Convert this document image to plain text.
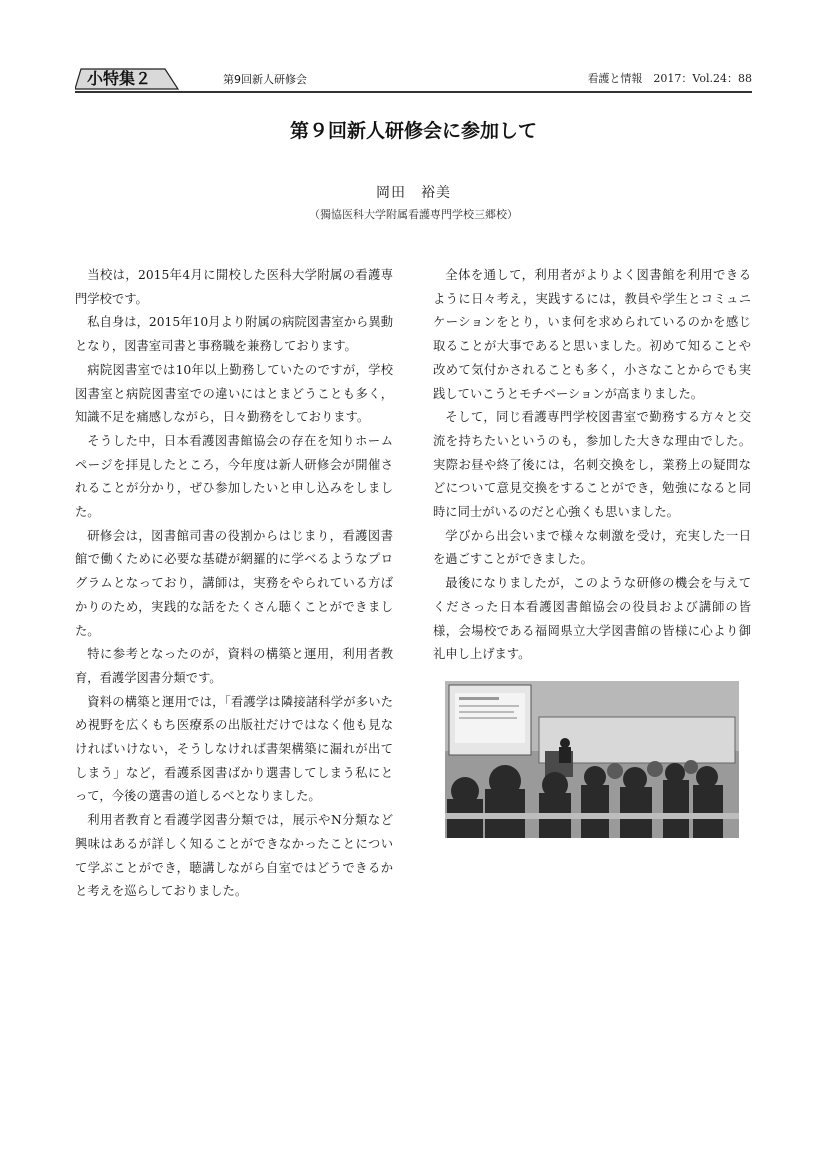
小特集２	第9回新人研修会	看護と情報　2017：Vol.24：88
第９回新人研修会に参加して
岡田　裕美
（獨協医科大学附属看護専門学校三郷校）

当校は，2015年4月に開校した医科大学附属の看護専門学校です。

私自身は，2015年10月より附属の病院図書室から異動となり，図書室司書と事務職を兼務しております。

病院図書室では10年以上勤務していたのですが，学校図書室と病院図書室での違いにはとまどうことも多く，知識不足を痛感しながら，日々勤務をしております。

そうした中，日本看護図書館協会の存在を知りホームページを拝見したところ，今年度は新人研修会が開催されることが分かり，ぜひ参加したいと申し込みをしました。

研修会は，図書館司書の役割からはじまり，看護図書館で働くために必要な基礎が網羅的に学べるようなプログラムとなっており，講師は，実務をやられている方ばかりのため，実践的な話をたくさん聴くことができました。

特に参考となったのが，資料の構築と運用，利用者教育，看護学図書分類です。

資料の構築と運用では，「看護学は隣接諸科学が多いため視野を広くもち医療系の出版社だけではなく他も見なければいけない，そうしなければ書架構築に漏れが出てしまう」など，看護系図書ばかり選書してしまう私にとって，今後の選書の道しるべとなりました。

利用者教育と看護学図書分類では，展示やN分類など興味はあるが詳しく知ることができなかったことについて学ぶことができ，聴講しながら自室ではどうできるかと考えを巡らしておりました。

全体を通して，利用者がよりよく図書館を利用できるように日々考え，実践するには，教員や学生とコミュニケーションをとり，いま何を求められているのかを感じ取ることが大事であると思いました。初めて知ることや改めて気付かされることも多く，小さなことからでも実践していこうとモチベーションが高まりました。

そして，同じ看護専門学校図書室で勤務する方々と交流を持ちたいというのも，参加した大きな理由でした。実際お昼や終了後には，名刺交換をし，業務上の疑問などについて意見交換をすることができ，勉強になると同時に同士がいるのだと心強くも思いました。

学びから出会いまで様々な刺激を受け，充実した一日を過ごすことができました。

最後になりましたが，このような研修の機会を与えてくださった日本看護図書館協会の役員および講師の皆様，会場校である福岡県立大学図書館の皆様に心より御礼申し上げます。
